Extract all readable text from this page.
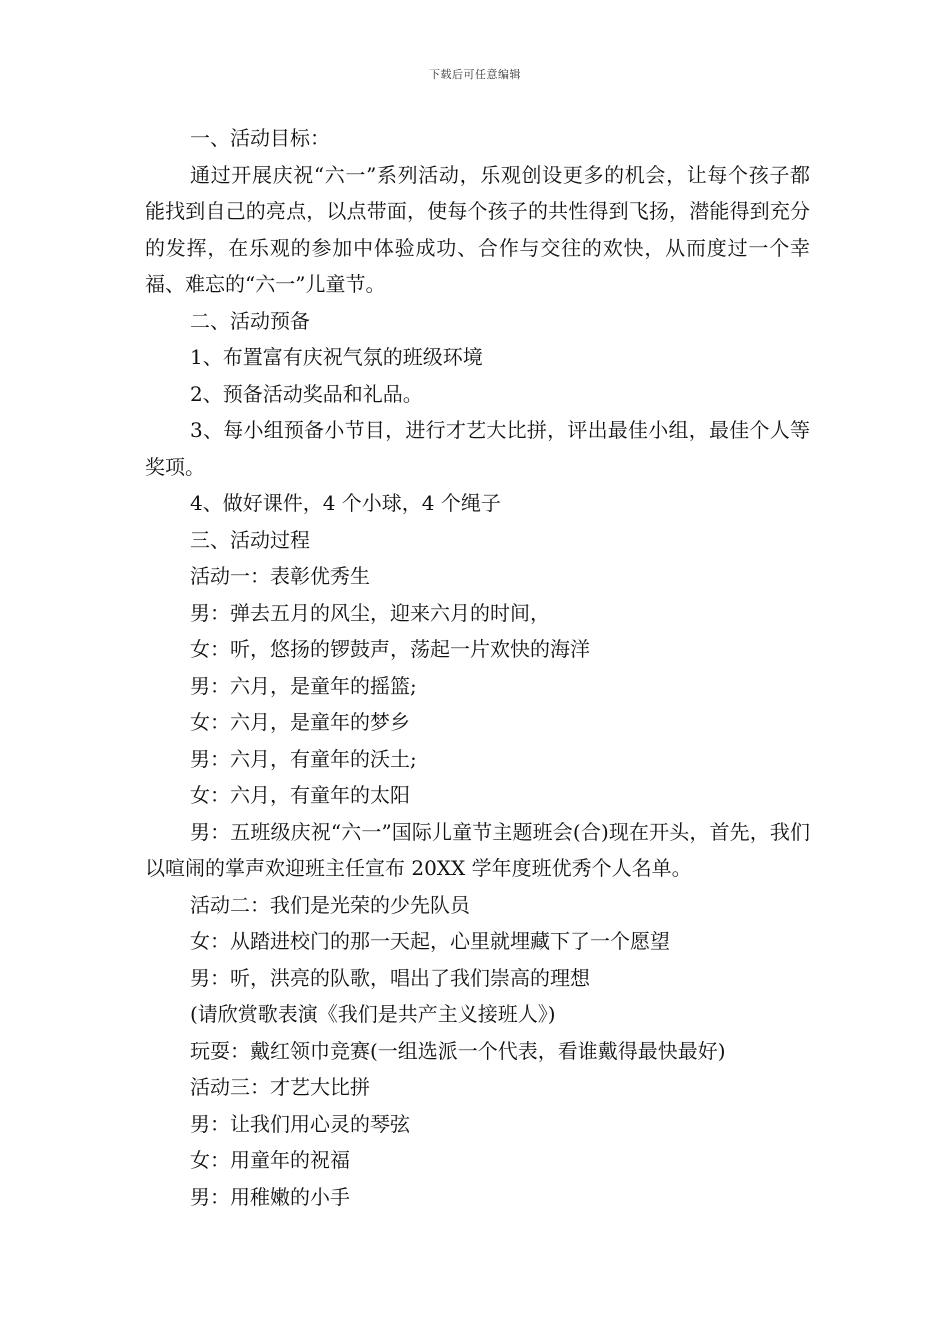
下载后可任意编辑

一、活动目标：

通过开展庆祝“六一”系列活动，乐观创设更多的机会，让每个孩子都能找到自己的亮点，以点带面，使每个孩子的共性得到飞扬，潜能得到充分的发挥，在乐观的参加中体验成功、合作与交往的欢快，从而度过一个幸福、难忘的“六一”儿童节。

二、活动预备

1、布置富有庆祝气氛的班级环境

2、预备活动奖品和礼品。

3、每小组预备小节目，进行才艺大比拼，评出最佳小组，最佳个人等奖项。

4、做好课件，4 个小球，4 个绳子

三、活动过程

活动一：表彰优秀生

男：弹去五月的风尘，迎来六月的时间，

女：听，悠扬的锣鼓声，荡起一片欢快的海洋

男：六月，是童年的摇篮;

女：六月，是童年的梦乡

男：六月，有童年的沃土;

女：六月，有童年的太阳

男：五班级庆祝“六一”国际儿童节主题班会(合)现在开头，首先，我们以喧闹的掌声欢迎班主任宣布 20XX 学年度班优秀个人名单。

活动二：我们是光荣的少先队员

女：从踏进校门的那一天起，心里就埋藏下了一个愿望

男：听，洪亮的队歌，唱出了我们崇高的理想

(请欣赏歌表演《我们是共产主义接班人》)

玩耍：戴红领巾竞赛(一组选派一个代表，看谁戴得最快最好)

活动三：才艺大比拼

男：让我们用心灵的琴弦

女：用童年的祝福

男：用稚嫩的小手
